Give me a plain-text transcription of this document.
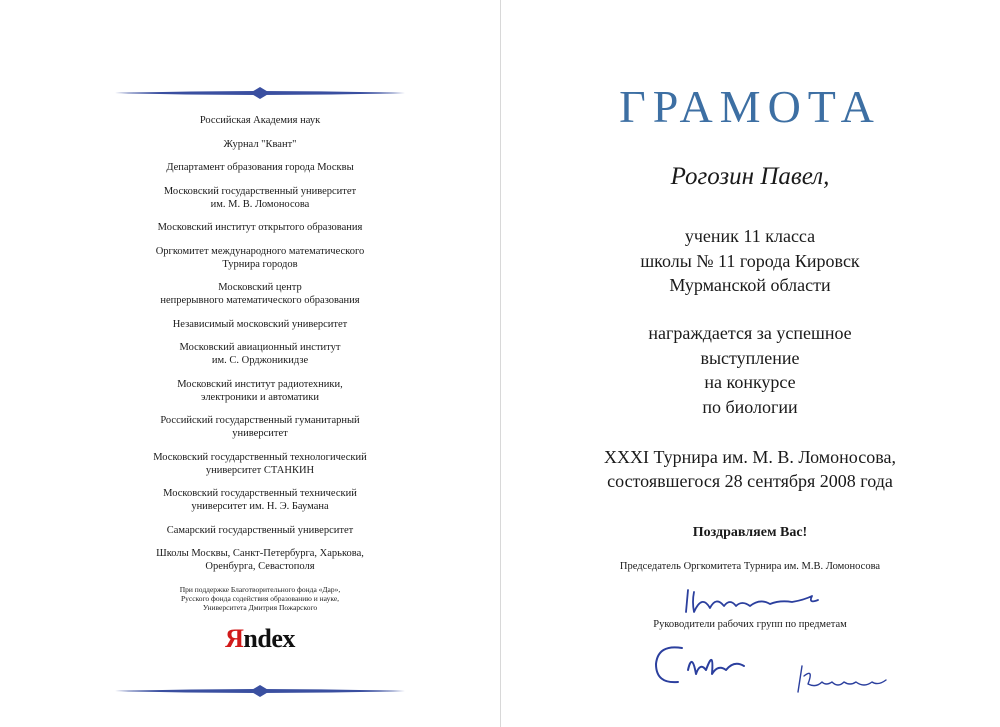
Российская Академия наук
Журнал "Квант"
Департамент образования города Москвы
Московский государственный университет
им. М. В. Ломоносова
Московский институт открытого образования
Оргкомитет международного математического
Турнира городов
Московский центр
непрерывного математического образования
Независимый московский университет
Московский авиационный институт
им. С. Орджоникидзе
Московский институт радиотехники,
электроники и автоматики
Российский государственный гуманитарный
университет
Московский государственный технологический
университет СТАНКИН
Московский государственный технический
университет им. Н. Э. Баумана
Самарский государственный университет
Школы Москвы, Санкт-Петербурга, Харькова,
Оренбурга, Севастополя
При поддержке Благотворительного фонда «Дар»,
Русского фонда содействия образованию и науке,
Университета Дмитрия Пожарского
Яndex
ГРАМОТА
Рогозин Павел,
ученик 11 класса
школы № 11 города Кировск
Мурманской области
награждается за успешное
выступление
на конкурсе
по биологии
XXXI Турнира им. М. В. Ломоносова,
состоявшегося 28 сентября 2008 года
Поздравляем Вас!
Председатель Оргкомитета Турнира им. М.В. Ломоносова
Руководители рабочих групп по предметам
